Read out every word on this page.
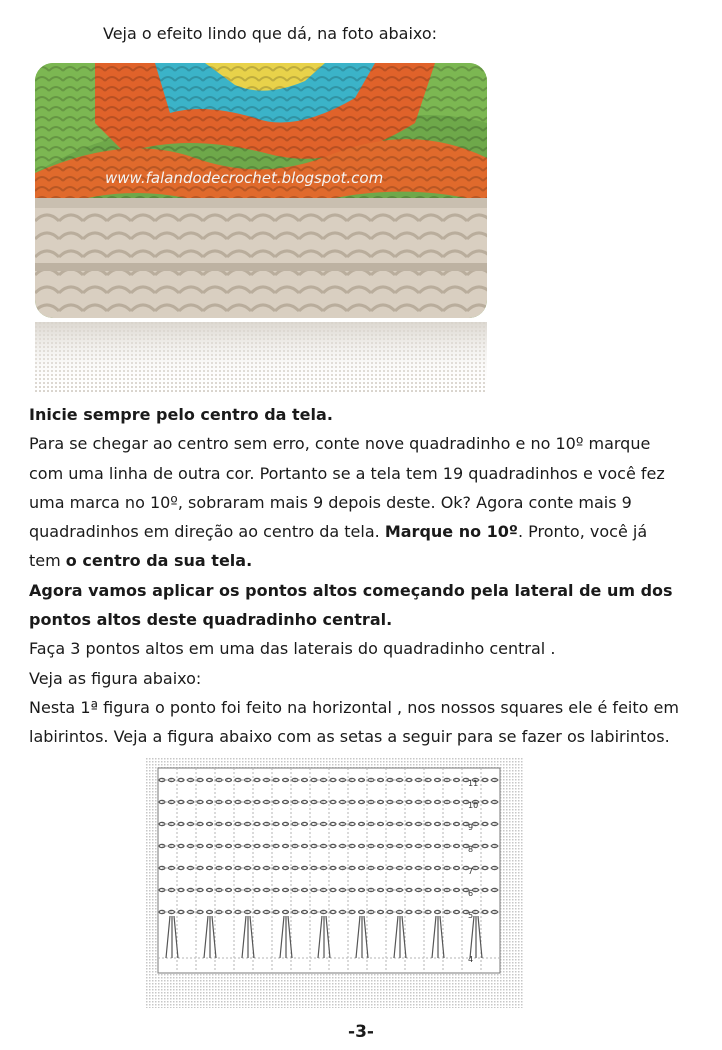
Veja o efeito lindo que dá, na foto abaixo:
www.falandodecrochet.blogspot.com

Inicie sempre pelo centro da tela.

Para se chegar ao centro sem erro, conte nove quadradinho e no 10º marque com uma linha de outra cor. Portanto se a tela tem 19 quadradinhos e você fez uma marca no 10º, sobraram mais 9 depois deste. Ok? Agora conte mais 9 quadradinhos em direção ao centro da tela. Marque no 10º. Pronto, você já tem o centro da sua tela.

Agora vamos aplicar os pontos altos começando pela lateral de um dos pontos altos deste quadradinho central.

Faça 3 pontos altos em uma das laterais do quadradinho central .

Veja as figura abaixo:

Nesta 1ª figura o ponto foi feito na horizontal , nos nossos squares ele é feito em labirintos. Veja a figura abaixo com as setas a seguir para se fazer os labirintos.

11
10
9
8
7
6
5
4
-3-
